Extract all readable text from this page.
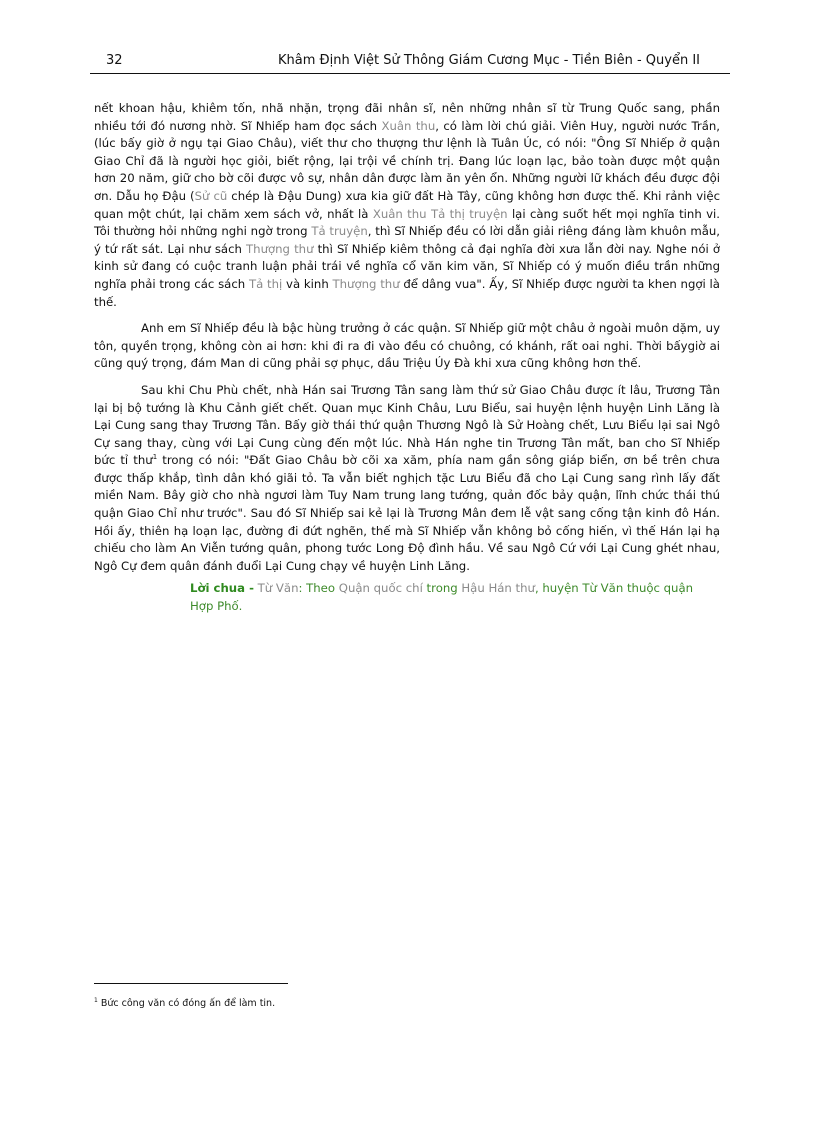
32	Khâm Định Việt Sử Thông Giám Cương Mục - Tiền Biên - Quyển II

nết khoan hậu, khiêm tốn, nhã nhặn, trọng đãi nhân sĩ, nên những nhân sĩ từ Trung Quốc sang, phần nhiều tới đó nương nhờ. Sĩ Nhiếp ham đọc sách Xuân thu, có làm lời chú giải. Viên Huy, người nước Trần, (lúc bấy giờ ở ngụ tại Giao Châu), viết thư cho thượng thư lệnh là Tuân Úc, có nói: "Ông Sĩ Nhiếp ở quận Giao Chỉ đã là người học giỏi, biết rộng, lại trội về chính trị. Đang lúc loạn lạc, bảo toàn được một quận hơn 20 năm, giữ cho bờ cõi được vô sự, nhân dân được làm ăn yên ổn. Những người lữ khách đều được đội ơn. Dẫu họ Đậu (Sử cũ chép là Đậu Dung) xưa kia giữ đất Hà Tây, cũng không hơn được thế. Khi rảnh việc quan một chút, lại chăm xem sách vở, nhất là Xuân thu Tả thị truyện lại càng suốt hết mọi nghĩa tinh vi. Tôi thường hỏi những nghi ngờ trong Tả truyện, thì Sĩ Nhiếp đều có lời dẫn giải riêng đáng làm khuôn mẫu, ý tứ rất sát. Lại như sách Thượng thư thì Sĩ Nhiếp kiêm thông cả đại nghĩa đời xưa lẫn đời nay. Nghe nói ở kinh sử đang có cuộc tranh luận phải trái về nghĩa cổ văn kim văn, Sĩ Nhiếp có ý muốn điều trần những nghĩa phải trong các sách Tả thị và kinh Thượng thư để dâng vua". Ấy, Sĩ Nhiếp được người ta khen ngợi là thế.

Anh em Sĩ Nhiếp đều là bậc hùng trưởng ở các quận. Sĩ Nhiếp giữ một châu ở ngoài muôn dặm, uy tôn, quyền trọng, không còn ai hơn: khi đi ra đi vào đều có chuông, có khánh, rất oai nghi. Thời bấygiờ ai cũng quý trọng, đám Man di cũng phải sợ phục, dầu Triệu Úy Đà khi xưa cũng không hơn thế.

Sau khi Chu Phù chết, nhà Hán sai Trương Tân sang làm thứ sử Giao Châu được ít lâu, Trương Tân lại bị bộ tướng là Khu Cảnh giết chết. Quan mục Kinh Châu, Lưu Biểu, sai huyện lệnh huyện Linh Lăng là Lại Cung sang thay Trương Tân. Bấy giờ thái thứ quận Thương Ngô là Sử Hoàng chết, Lưu Biểu lại sai Ngô Cự sang thay, cùng với Lại Cung cùng đến một lúc. Nhà Hán nghe tin Trương Tân mất, ban cho Sĩ Nhiếp bức tỉ thư$^1$ trong có nói: "Đất Giao Châu bờ cõi xa xăm, phía nam gần sông giáp biển, ơn bề trên chưa được thấp khắp, tình dân khó giãi tỏ. Ta vẫn biết nghịch tặc Lưu Biểu đã cho Lại Cung sang rình lấy đất miền Nam. Bây giờ cho nhà ngươi làm Tuy Nam trung lang tướng, quản đốc bảy quận, lĩnh chức thái thú quận Giao Chỉ như trước". Sau đó Sĩ Nhiếp sai kẻ lại là Trương Mân đem lễ vật sang cống tận kinh đô Hán. Hồi ấy, thiên hạ loạn lạc, đường đi đứt nghẽn, thế mà Sĩ Nhiếp vẫn không bỏ cống hiến, vì thế Hán lại hạ chiếu cho làm An Viễn tướng quân, phong tước Long Độ đình hầu. Về sau Ngô Cứ với Lại Cung ghét nhau, Ngô Cự đem quân đánh đuổi Lại Cung chạy về huyện Linh Lăng.

Lời chua - Từ Văn: Theo Quận quốc chí trong Hậu Hán thư, huyện Từ Văn thuộc quận Hợp Phố.

$^1$ Bức công văn có đóng ấn để làm tin.
